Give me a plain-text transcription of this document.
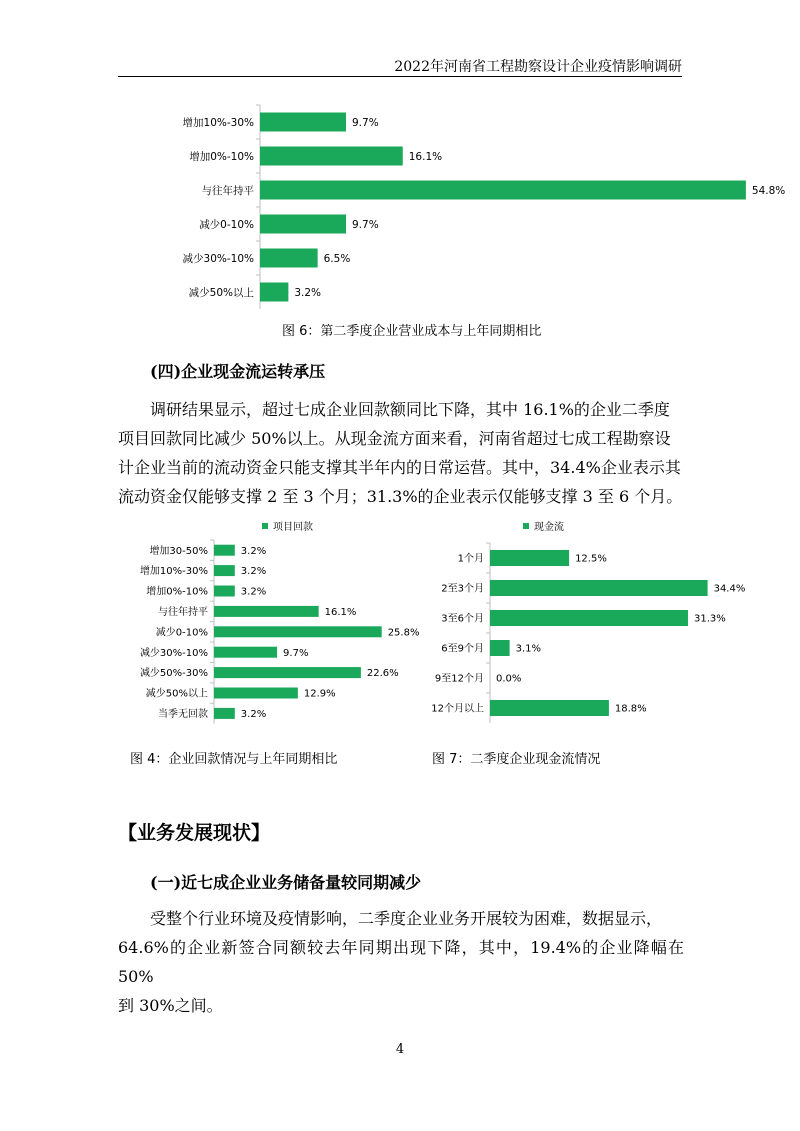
2022年河南省工程勘察设计企业疫情影响调研
增加10%-30%	9.7%
增加0%-10%	16.1%
与往年持平	54.8%
减少0-10%	9.7%
减少30%-10%	6.5%
减少50%以上	3.2%
图 6：第二季度企业营业成本与上年同期相比
(四)企业现金流运转承压

调研结果显示，超过七成企业回款额同比下降，其中 16.1%的企业二季度
项目回款同比减少 50%以上。从现金流方面来看，河南省超过七成工程勘察设
计企业当前的流动资金只能支撑其半年内的日常运营。其中，34.4%企业表示其
流动资金仅能够支撑 2 至 3 个月；31.3%的企业表示仅能够支撑 3 至 6 个月。

项目回款
增加30-50%	3.2%
增加10%-30%	3.2%
增加0%-10%	3.2%
与往年持平	16.1%
减少0-10%	25.8%
减少30%-10%	9.7%
减少50%-30%	22.6%
减少50%以上	12.9%
当季无回款	3.2%
图 4：企业回款情况与上年同期相比
现金流
1个月	12.5%
2至3个月	34.4%
3至6个月	31.3%
6至9个月	3.1%
9至12个月 0.0%
12个月以上	18.8%
图 7：二季度企业现金流情况
【业务发展现状】
(一)近七成企业业务储备量较同期减少

受整个行业环境及疫情影响，二季度企业业务开展较为困难，数据显示，
64.6%的企业新签合同额较去年同期出现下降，其中，19.4%的企业降幅在 50%
到 30%之间。

4
